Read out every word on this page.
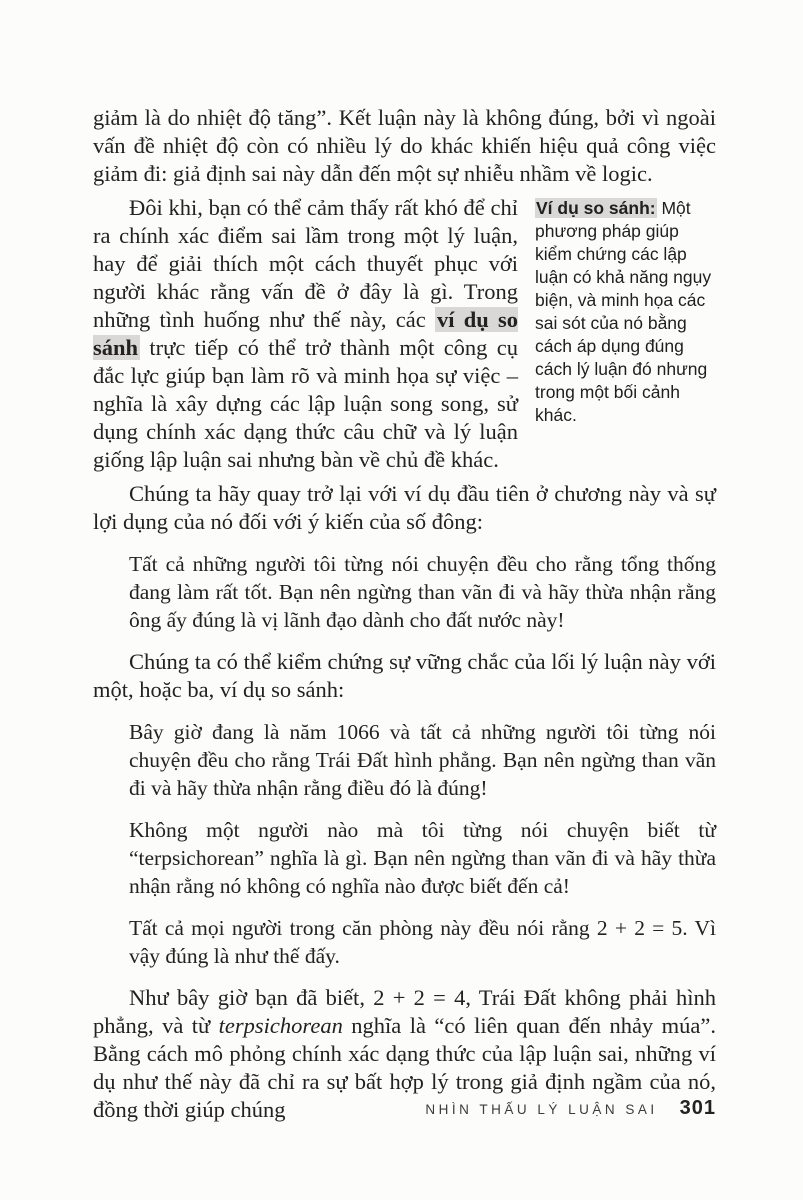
giảm là do nhiệt độ tăng”. Kết luận này là không đúng, bởi vì ngoài vấn đề nhiệt độ còn có nhiều lý do khác khiến hiệu quả công việc giảm đi: giả định sai này dẫn đến một sự nhiễu nhầm về logic.

Ví dụ so sánh: Một phương pháp giúp kiểm chứng các lập luận có khả năng ngụy biện, và minh họa các sai sót của nó bằng cách áp dụng đúng cách lý luận đó nhưng trong một bối cảnh khác.
Đôi khi, bạn có thể cảm thấy rất khó để chỉ ra chính xác điểm sai lầm trong một lý luận, hay để giải thích một cách thuyết phục với người khác rằng vấn đề ở đây là gì. Trong những tình huống như thế này, các ví dụ so sánh trực tiếp có thể trở thành một công cụ đắc lực giúp bạn làm rõ và minh họa sự việc – nghĩa là xây dựng các lập luận song song, sử dụng chính xác dạng thức câu chữ và lý luận giống lập luận sai nhưng bàn về chủ đề khác.

Chúng ta hãy quay trở lại với ví dụ đầu tiên ở chương này và sự lợi dụng của nó đối với ý kiến của số đông:

Tất cả những người tôi từng nói chuyện đều cho rằng tổng thống đang làm rất tốt. Bạn nên ngừng than vãn đi và hãy thừa nhận rằng ông ấy đúng là vị lãnh đạo dành cho đất nước này!

Chúng ta có thể kiểm chứng sự vững chắc của lối lý luận này với một, hoặc ba, ví dụ so sánh:

Bây giờ đang là năm 1066 và tất cả những người tôi từng nói chuyện đều cho rằng Trái Đất hình phẳng. Bạn nên ngừng than vãn đi và hãy thừa nhận rằng điều đó là đúng!

Không một người nào mà tôi từng nói chuyện biết từ “terpsichorean” nghĩa là gì. Bạn nên ngừng than vãn đi và hãy thừa nhận rằng nó không có nghĩa nào được biết đến cả!

Tất cả mọi người trong căn phòng này đều nói rằng 2 + 2 = 5. Vì vậy đúng là như thế đấy.

Như bây giờ bạn đã biết, 2 + 2 = 4, Trái Đất không phải hình phẳng, và từ terpsichorean nghĩa là “có liên quan đến nhảy múa”. Bằng cách mô phỏng chính xác dạng thức của lập luận sai, những ví dụ như thế này đã chỉ ra sự bất hợp lý trong giả định ngầm của nó, đồng thời giúp chúng	NHÌN THẤU LÝ LUẬN SAI 301
